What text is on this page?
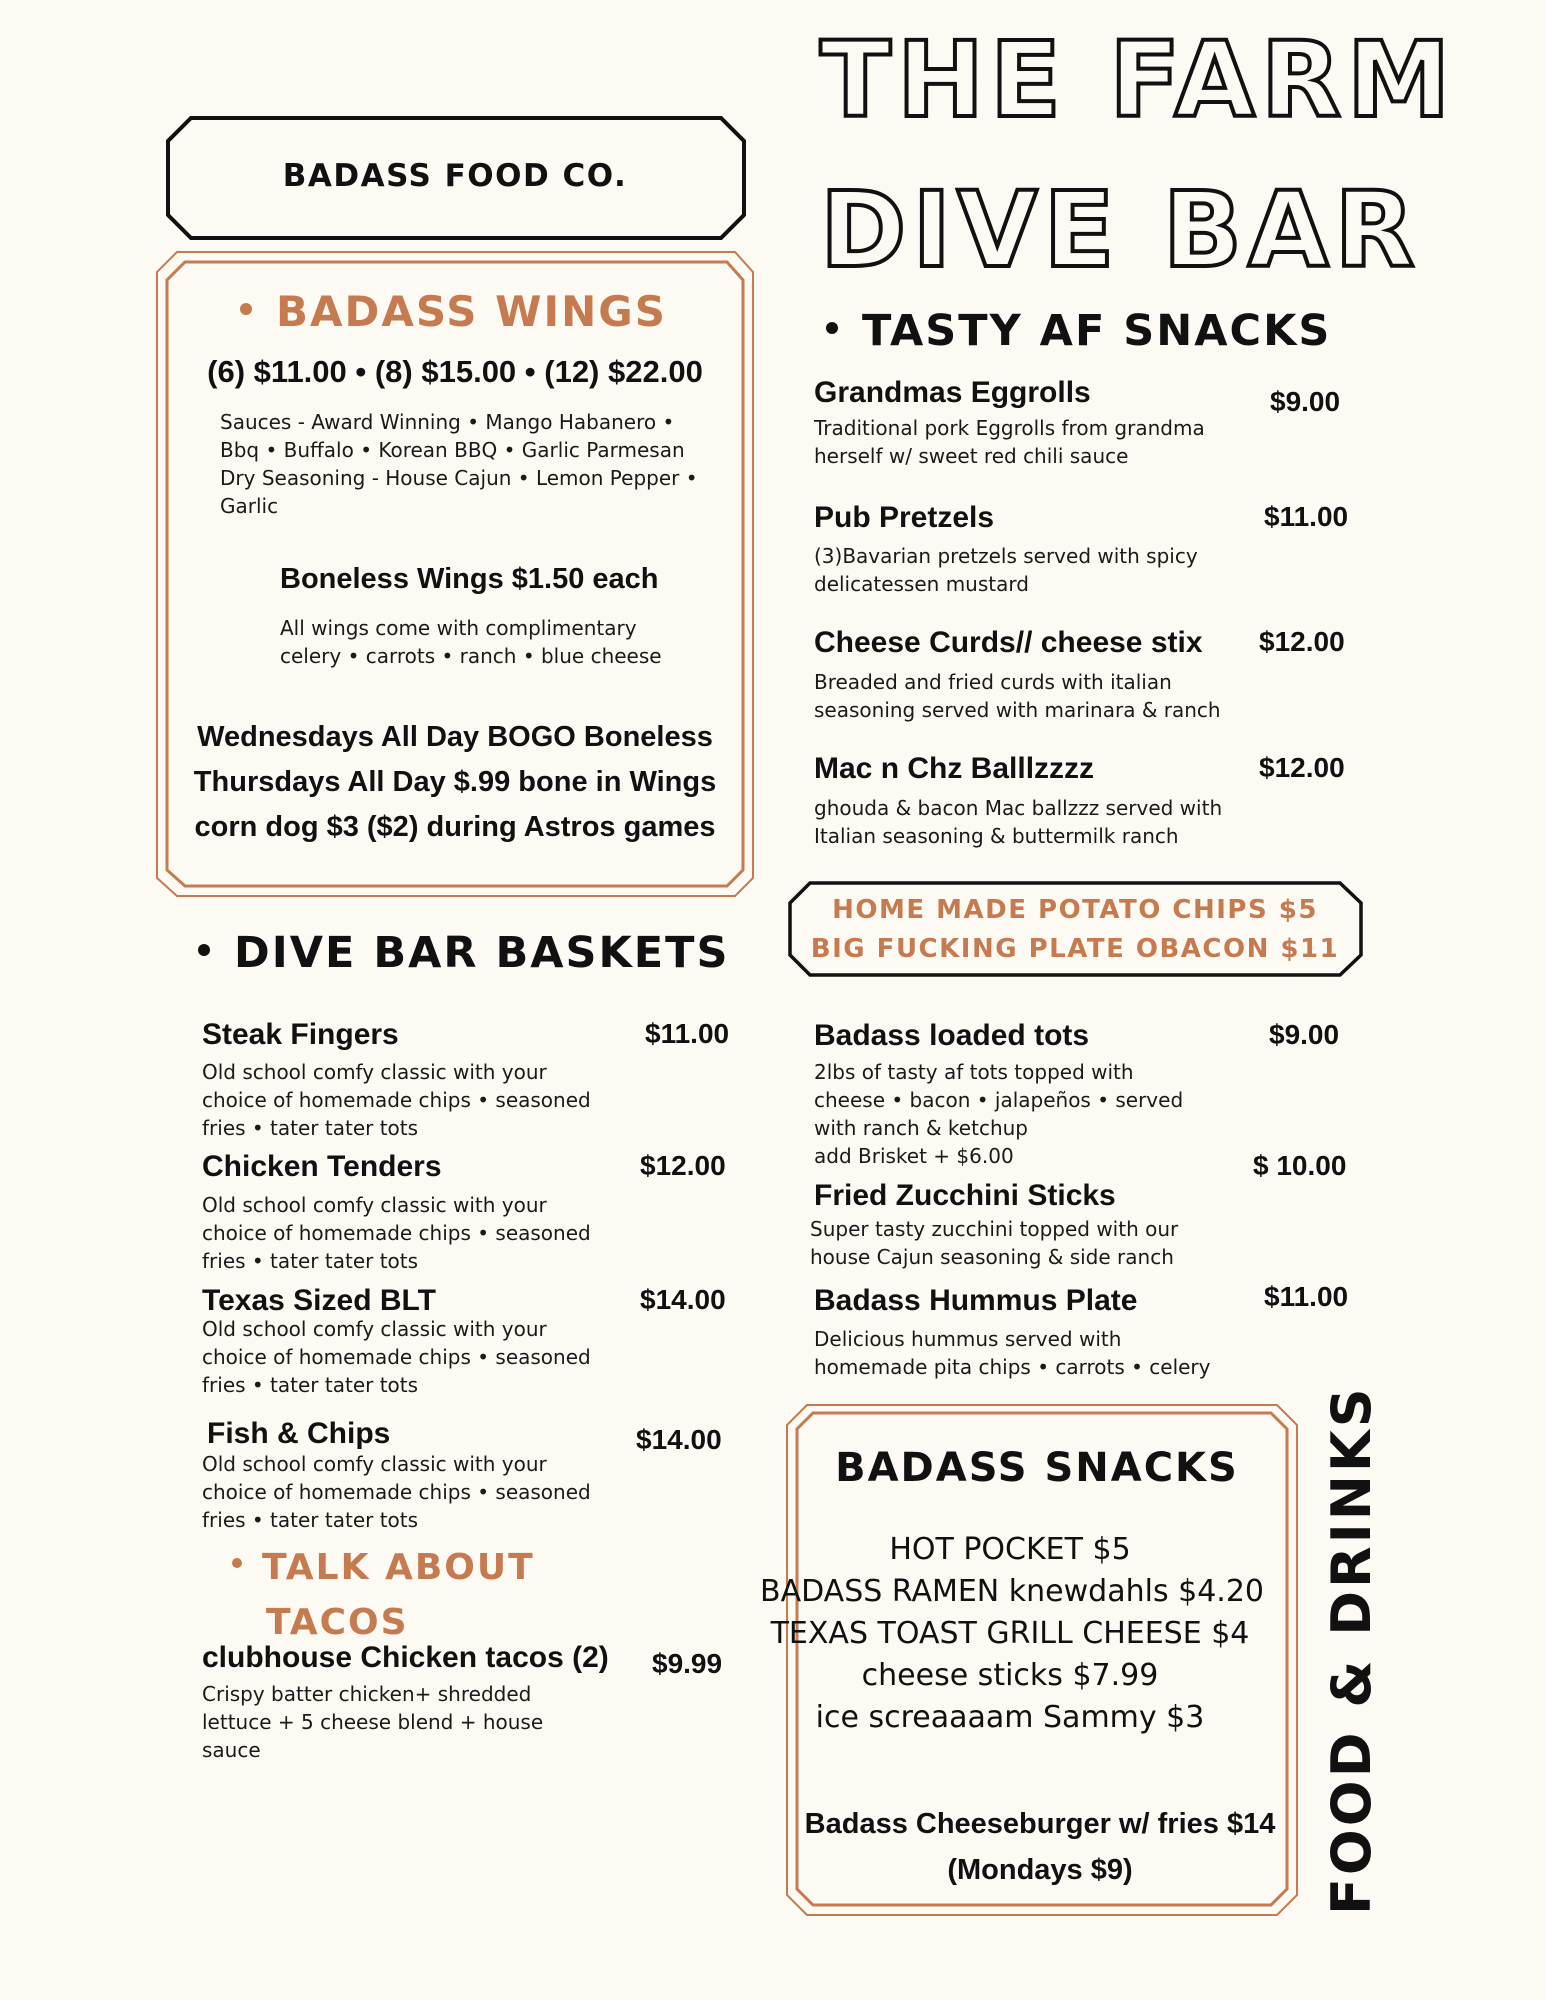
THE FARM
DIVE BAR
BADASS FOOD CO.
BADASS WINGS
(6) $11.00 • (8) $15.00 • (12) $22.00
Sauces - Award Winning • Mango Habanero •
Bbq • Buffalo • Korean BBQ • Garlic Parmesan
Dry Seasoning - House Cajun • Lemon Pepper •
Garlic
Boneless Wings $1.50 each
All wings come with complimentary
celery • carrots • ranch • blue cheese
Wednesdays All Day BOGO Boneless
Thursdays All Day $.99 bone in Wings
corn dog $3 ($2) during Astros games
DIVE BAR BASKETS
Steak Fingers	$11.00
Old school comfy classic with your
choice of homemade chips • seasoned
fries • tater tater tots
Chicken Tenders	$12.00
Old school comfy classic with your
choice of homemade chips • seasoned
fries • tater tater tots
Texas Sized BLT	$14.00
Old school comfy classic with your
choice of homemade chips • seasoned
fries • tater tater tots
Fish & Chips	$14.00
Old school comfy classic with your
choice of homemade chips • seasoned
fries • tater tater tots
TALK ABOUT
TACOS
clubhouse Chicken tacos (2) $9.99
Crispy batter chicken+ shredded
lettuce + 5 cheese blend + house
sauce
TASTY AF SNACKS
Grandmas Eggrolls	$9.00
Traditional pork Eggrolls from grandma
herself w/ sweet red chili sauce
Pub Pretzels	$11.00
(3)Bavarian pretzels served with spicy
delicatessen mustard
Cheese Curds// cheese stix $12.00
Breaded and fried curds with italian
seasoning served with marinara & ranch
Mac n Chz Balllzzzz	$12.00
ghouda & bacon Mac ballzzz served with
Italian seasoning & buttermilk ranch
HOME MADE POTATO CHIPS $5
BIG FUCKING PLATE OBACON $11
Badass loaded tots	$9.00
2lbs of tasty af tots topped with
cheese • bacon • jalapeños • served
with ranch & ketchup
add Brisket + $6.00
Fried Zucchini Sticks
$ 10.00
Super tasty zucchini topped with our
house Cajun seasoning & side ranch
Badass Hummus Plate	$11.00
Delicious hummus served with
homemade pita chips • carrots • celery
BADASS SNACKS
HOT POCKET $5
BADASS RAMEN knewdahls $4.20
TEXAS TOAST GRILL CHEESE $4
cheese sticks $7.99
ice screaaaam Sammy $3
Badass Cheeseburger w/ fries $14
(Mondays $9)	FOOD & DRINKS
